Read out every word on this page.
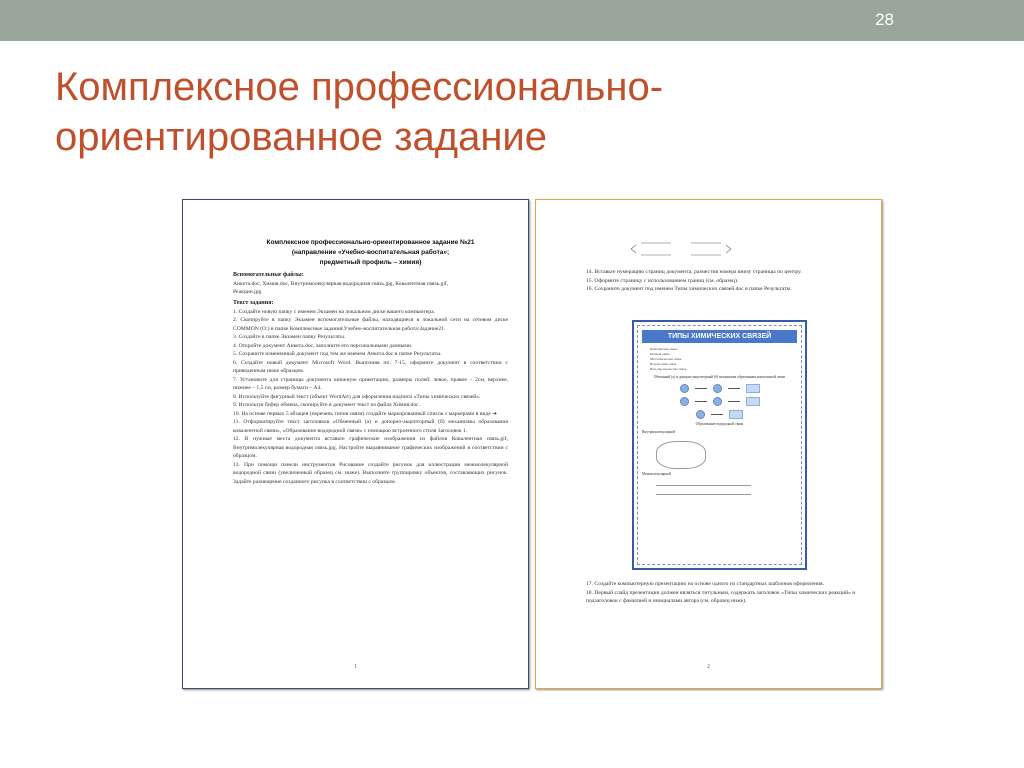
28
Комплексное профессионально-
ориентированное задание
Комплексное профессионально-ориентированное задание №21
(направление «Учебно-воспитательная работа»;
предметный профиль – химия)
Вспомогательные файлы:
Анкета.doc, Химия.doc, Внутримолекулярная водородная связь.jpg, Ковалентная связь.gif,
Реакции.jpg
Текст задания:
1. Создайте новую папку с именем Экзамен на локальном диске вашего компьютера.
2. Скопируйте в папку Экзамен вспомогательные файлы, находящиеся в локальной сети на сетевом диске COMMON (O:) в папке Комплексные задания\Учебно-воспитательная работа\Задание21.
3. Создайте в папке Экзамен папку Результаты.
4. Откройте документ Анкета.doc, заполните его персональными данными.
5. Сохраните измененный документ под тем же именем Анкета.doc в папке Результаты.
6. Создайте новый документ Microsoft Word. Выполняя пп. 7-15, оформите документ в соответствии с приведенным ниже образцом.
7. Установите для страницы документа книжную ориентацию, размеры полей: левое, правое – 2см, верхнее, нижнее – 1,5 см, размер бумаги – А4.
8. Используйте фигурный текст (объект WordArt) для оформления надписи «Типы химических связей».
9. Используя буфер обмена, скопируйте в документ текст из файла Химия.doc.
10. На основе первых 5 абзацев (перечень типов связи) создайте маркированный список с маркерами в виде ➔
11. Отформатируйте текст заголовков «Обменный (а) и донорно-акцепторный (б) механизмы образования ковалентной связи», «Образование водородной связи» с помощью встроенного стиля Заголовок 1.
12. В нужные места документа вставьте графические изображения из файлов Ковалентная связь.gif, Внутримолекулярная водородная связь.jpg. Настройте выравнивание графических изображений в соответствии с образцом.
13. При помощи панели инструментов Рисование создайте рисунок для иллюстрации межмолекулярной водородной связи (увеличенный образец см. ниже). Выполните группировку объектов, составляющих рисунок. Задайте размещение созданного рисунка в соответствии с образцом.
1
14. Вставьте нумерацию страниц документа, разместив номера внизу страницы по центру.
15. Оформите страницу с использованием границ (см. образец).
16. Сохраните документ под именем Типы химических связей.doc в папке Результаты.
ТИПЫ ХИМИЧЕСКИХ СВЯЗЕЙ
Ковалентная связь
Ионная связь
Металлическая связь
Водородная связь
Ван-дер-ваальсова связь
Обменный (а) и донорно-акцепторный (б) механизмы образования ковалентной связи
Образование водородной связи
Внутримолекулярной
Межмолекулярной
17. Создайте компьютерную презентацию на основе одного из стандартных шаблонов оформления.
18. Первый слайд презентации должен являться титульным, содержать заголовок «Типы химических реакций» и подзаголовок с фамилией и инициалами автора (см. образец ниже).
2
